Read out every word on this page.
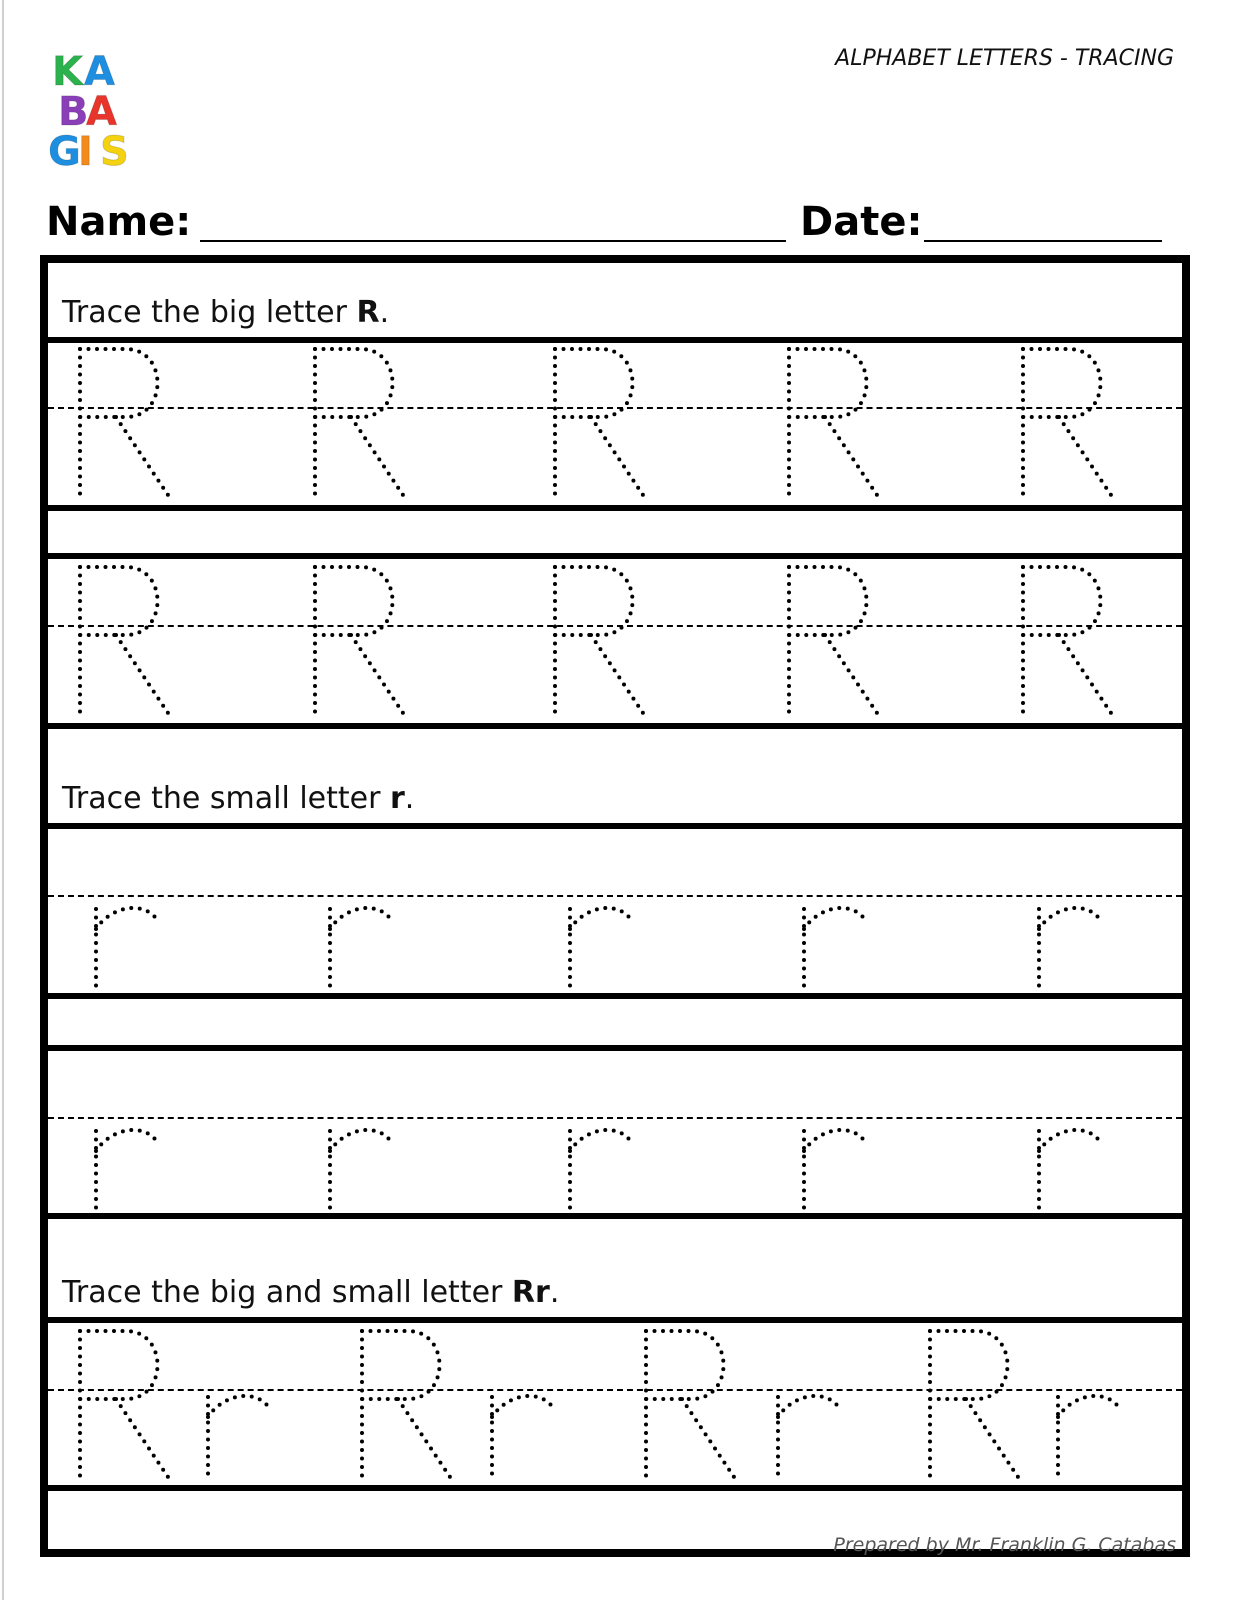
K A
B A
G I S
ALPHABET LETTERS - TRACING
Name:	Date:
Trace the big letter R.
Trace the small letter r.
Trace the big and small letter Rr.
Prepared by Mr. Franklin G. Catabas
